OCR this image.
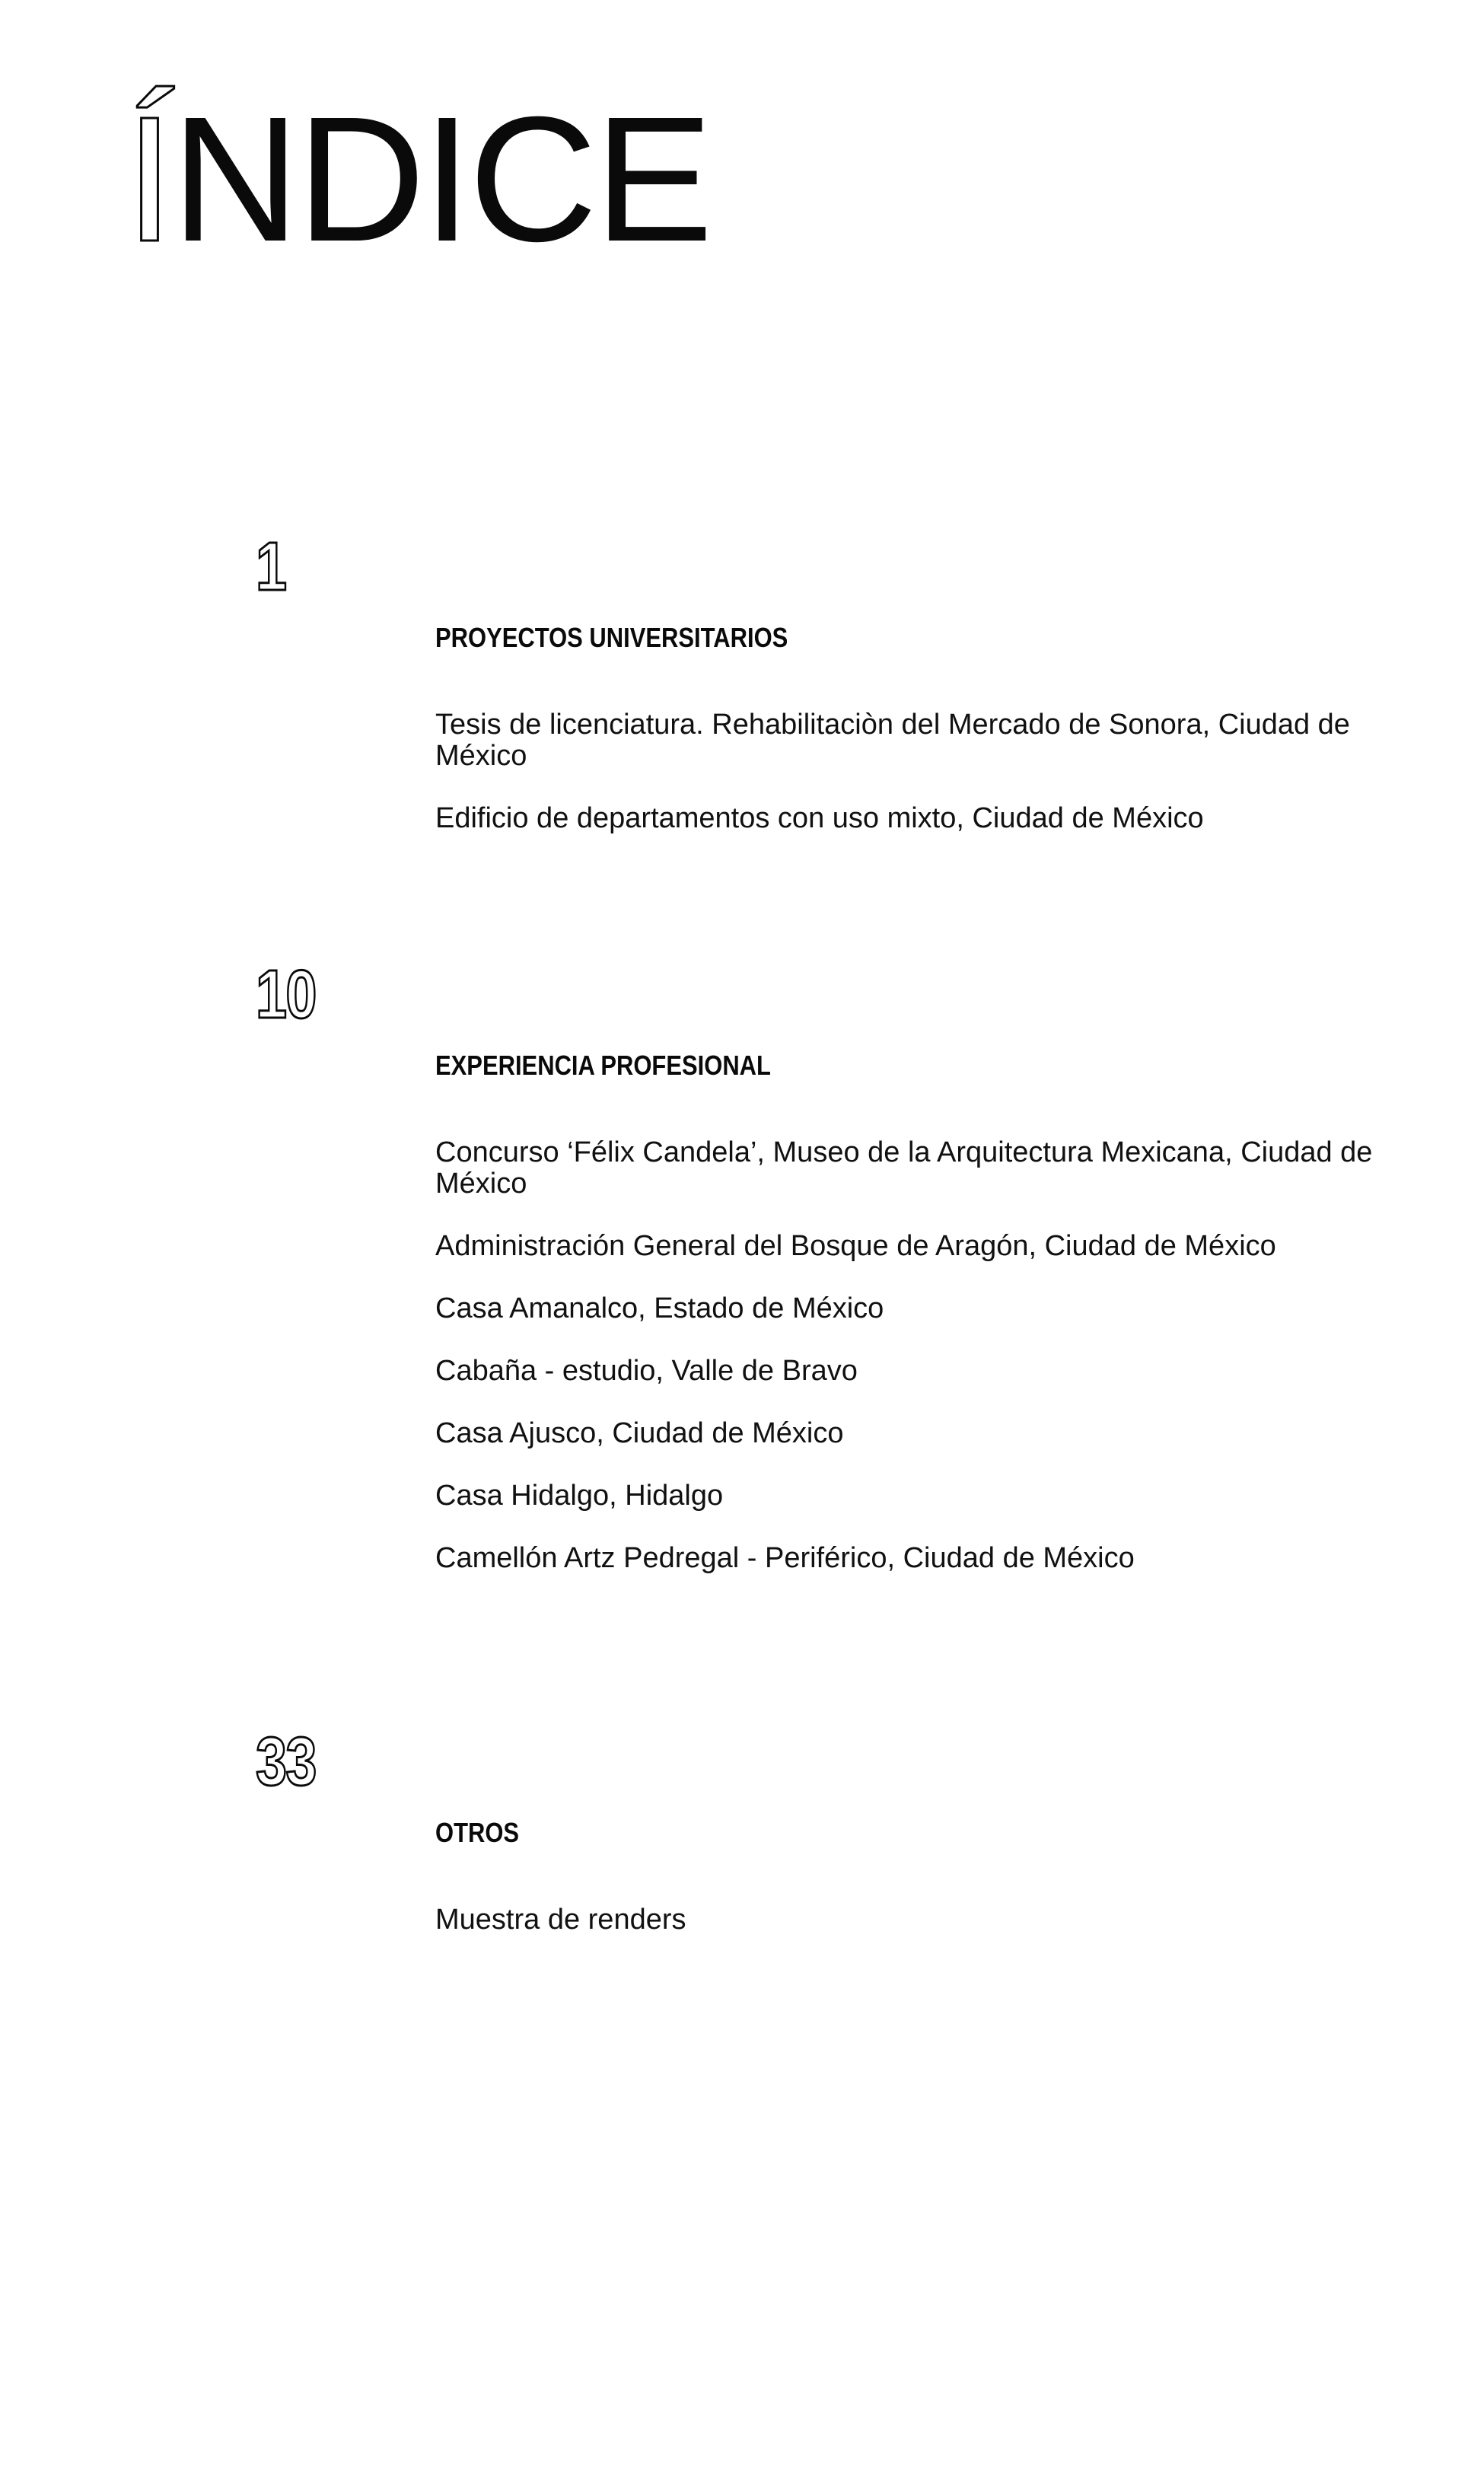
ÍNDICE
1
PROYECTOS UNIVERSITARIOS
Tesis de licenciatura. Rehabilitaciòn del Mercado de Sonora, Ciudad de México
Edificio de departamentos con uso mixto, Ciudad de México
10
EXPERIENCIA PROFESIONAL
Concurso ‘Félix Candela’, Museo de la Arquitectura Mexicana, Ciudad de México
Administración General del Bosque de Aragón, Ciudad de México
Casa Amanalco, Estado de México
Cabaña - estudio, Valle de Bravo
Casa Ajusco, Ciudad de México
Casa Hidalgo, Hidalgo
Camellón Artz Pedregal - Periférico, Ciudad de México
33
OTROS
Muestra de renders
